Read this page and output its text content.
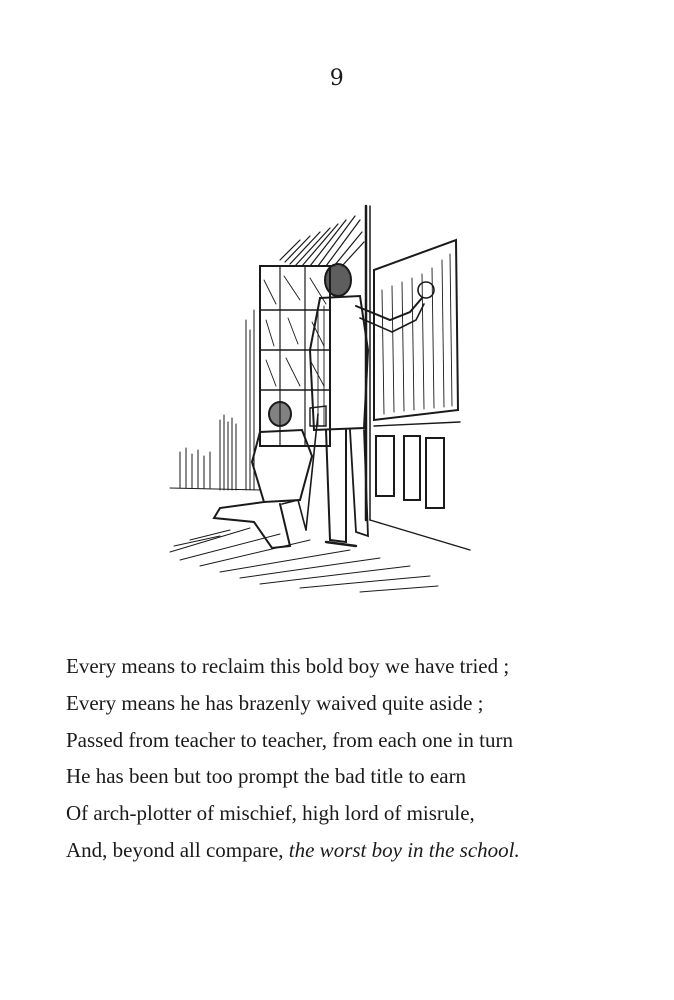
9
Every means to reclaim this bold boy we have tried ;
Every means he has brazenly waived quite aside ;
Passed from teacher to teacher, from each one in turn
He has been but too prompt the bad title to earn
Of arch-plotter of mischief, high lord of misrule,
And, beyond all compare, the worst boy in the school.
